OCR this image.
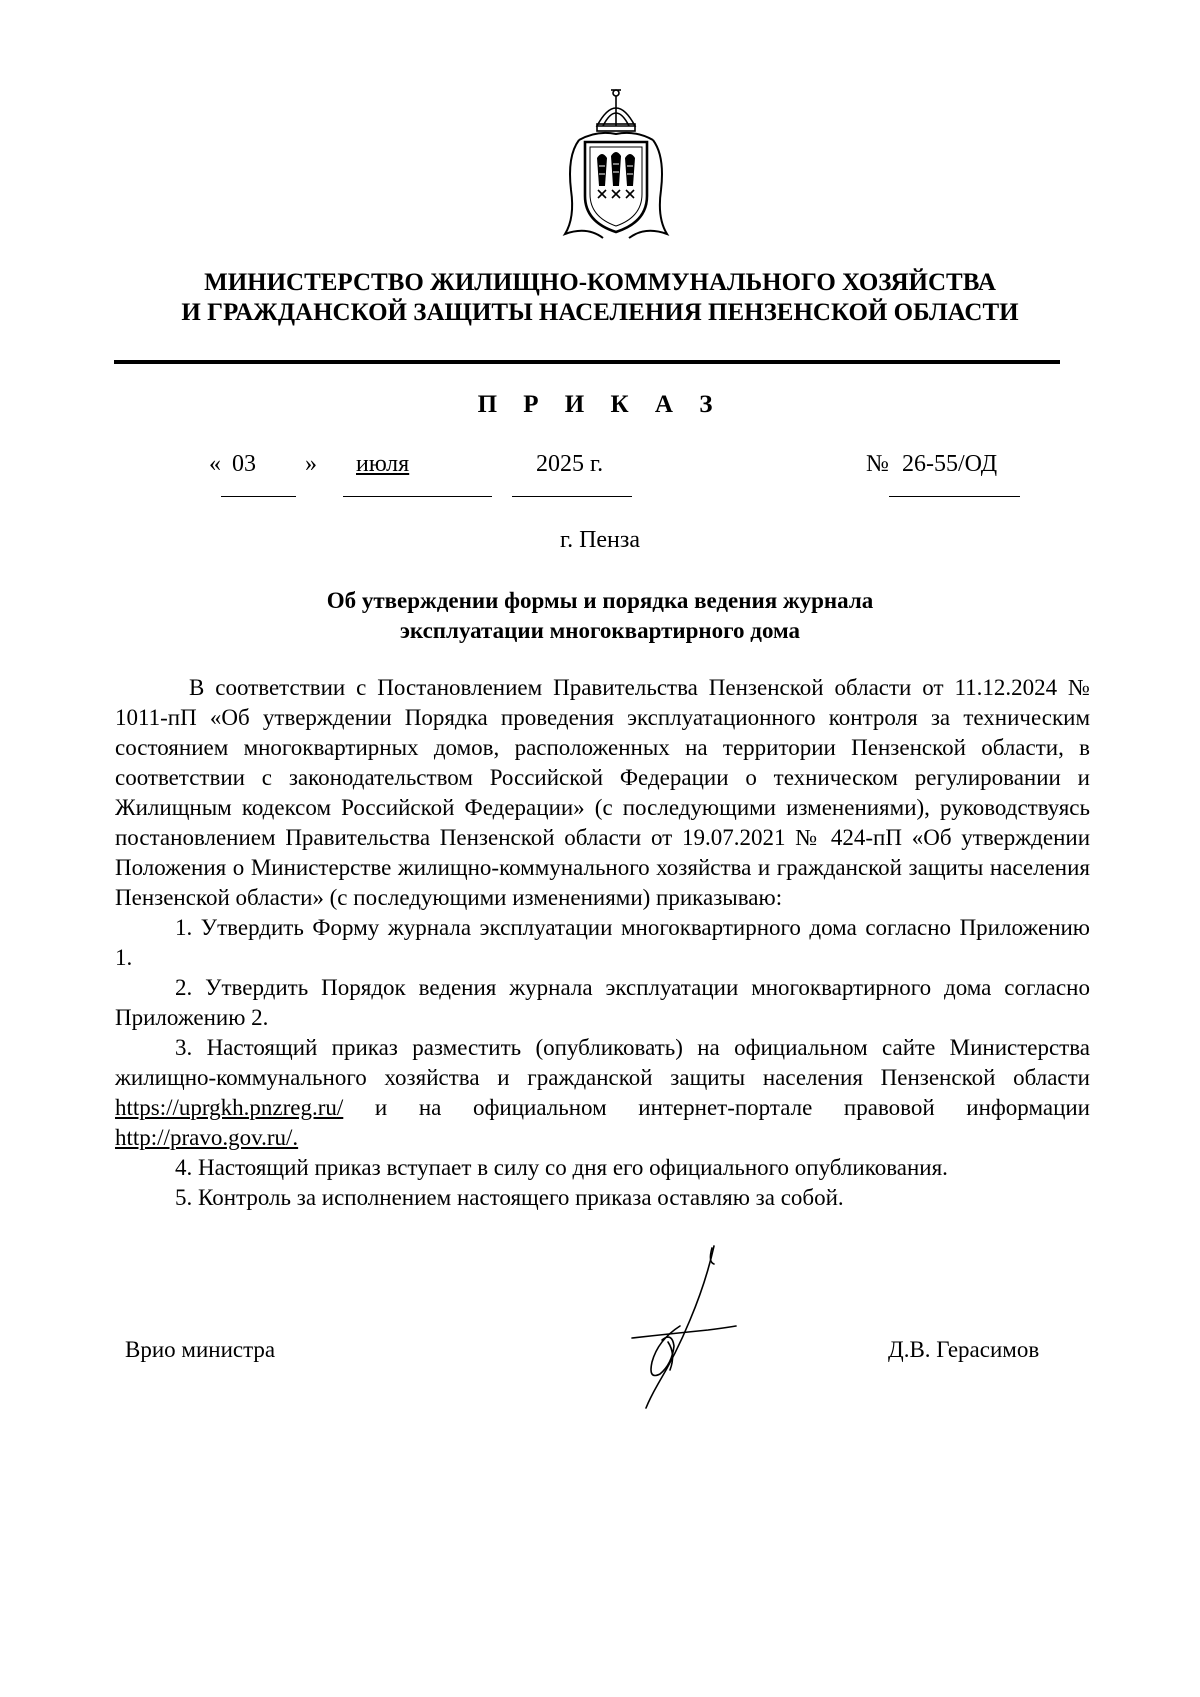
МИНИСТЕРСТВО ЖИЛИЩНО-КОММУНАЛЬНОГО ХОЗЯЙСТВА
И ГРАЖДАНСКОЙ ЗАЩИТЫ НАСЕЛЕНИЯ ПЕНЗЕНСКОЙ ОБЛАСТИ
П Р И К А З
« 03 » июля	2025 г.	№ 26-55/ОД
г. Пенза
Об утверждении формы и порядка ведения журнала
эксплуатации многоквартирного дома

В соответствии с Постановлением Правительства Пензенской области от 11.12.2024 № 1011-пП «Об утверждении Порядка проведения эксплуатационного контроля за техническим состоянием многоквартирных домов, расположенных на территории Пензенской области, в соответствии с законодательством Российской Федерации о техническом регулировании и Жилищным кодексом Российской Федерации» (с последующими изменениями), руководствуясь постановлением Правительства Пензенской области от 19.07.2021 № 424-пП «Об утверждении Положения о Министерстве жилищно-коммунального хозяйства и гражданской защиты населения Пензенской области» (с последующими изменениями) приказываю:

1. Утвердить Форму журнала эксплуатации многоквартирного дома согласно Приложению 1.

2. Утвердить Порядок ведения журнала эксплуатации многоквартирного дома согласно Приложению 2.

3. Настоящий приказ разместить (опубликовать) на официальном сайте Министерства жилищно-коммунального хозяйства и гражданской защиты населения Пензенской области https://uprgkh.pnzreg.ru/ и на официальном интернет-портале правовой информации http://pravo.gov.ru/.

4. Настоящий приказ вступает в силу со дня его официального опубликования.

5. Контроль за исполнением настоящего приказа оставляю за собой.

Врио министра	Д.В. Герасимов
